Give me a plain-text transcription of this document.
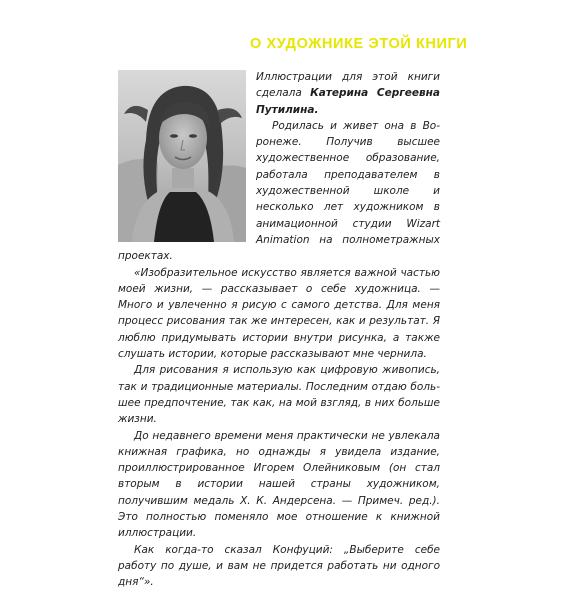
О ХУДОЖНИКЕ ЭТОЙ КНИГИ

Иллюстрации для этой книги сделала Катерина Сергеевна Путилина.

Родилась и живет она в Воронеже. Получив высшее художественное образование, работала преподавателем в художественной школе и несколько лет художником в анимационной студии Wizart Animation на полнометражных проектах.

«Изобразительное искусство является важной частью моей жизни, — рассказывает о себе художница. — Много и увлеченно я рисую с самого детства. Для меня процесс рисования так же интересен, как и результат. Я люблю придумывать истории внутри рисунка, а также слушать истории, которые рассказывают мне чернила.

Для рисования я использую как цифровую живопись, так и традиционные материалы. Последним отдаю большее предпочтение, так как, на мой взгляд, в них больше жизни.

До недавнего времени меня практически не увлекала книжная графика, но однажды я увидела издание, проиллюстрированное Игорем Олейниковым (он стал вторым в истории нашей страны художником, получившим медаль Х. К. Андерсена. — Примеч. ред.). Это полностью поменяло мое отношение к книжной иллюстрации.

Как когда-то сказал Конфуций: „Выберите себе работу по душе, и вам не придется работать ни одного дня“».
